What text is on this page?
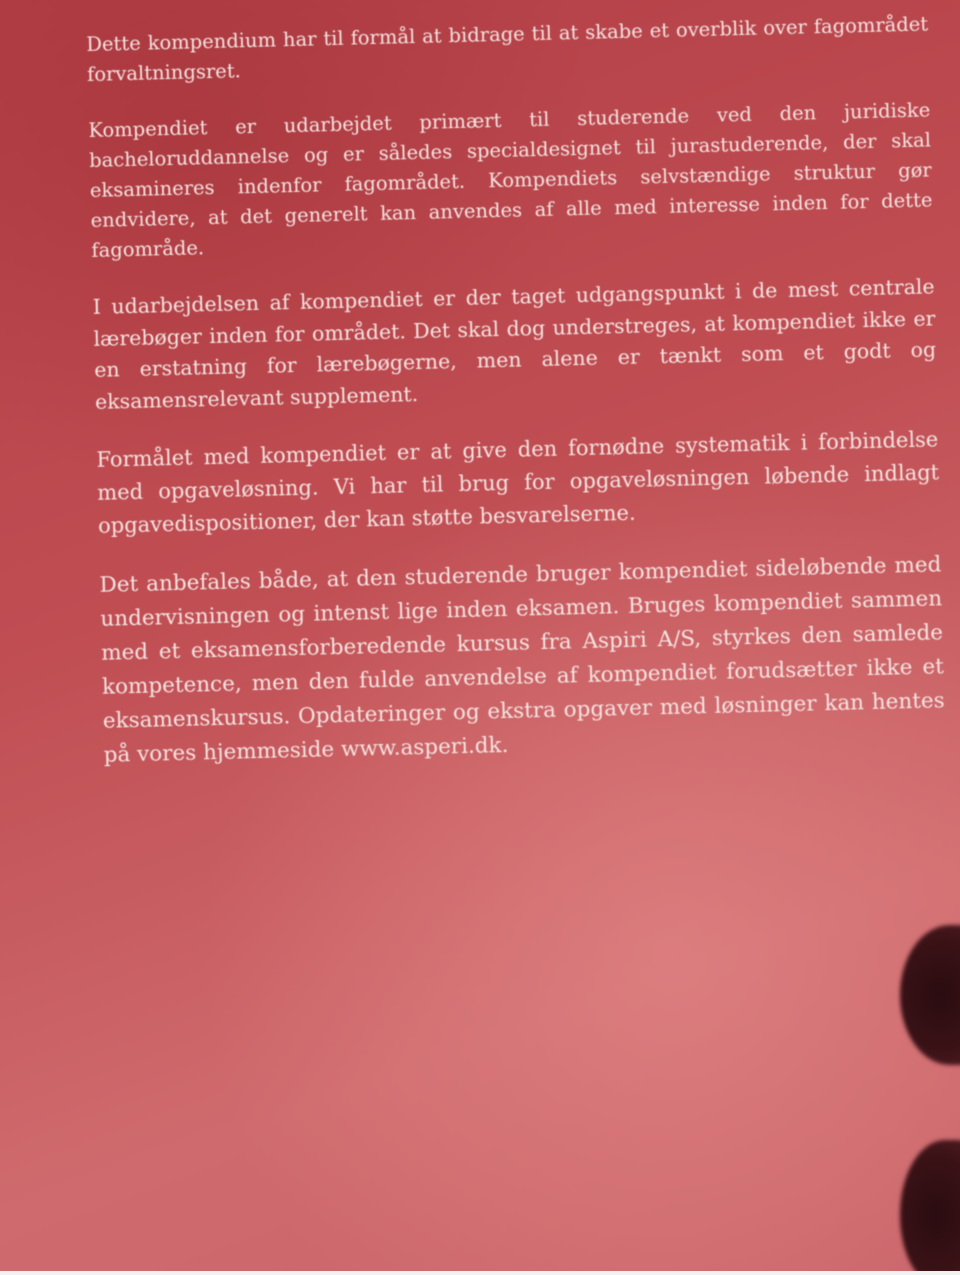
Dette kompendium har til formål at bidrage til at skabe et overblik over fagområdet forvaltningsret.

Kompendiet er udarbejdet primært til studerende ved den juridiske bacheloruddannelse og er således specialdesignet til jurastuderende, der skal eksamineres indenfor fagområdet. Kompendiets selvstændige struktur gør endvidere, at det generelt kan anvendes af alle med interesse inden for dette fagområde.

I udarbejdelsen af kompendiet er der taget udgangspunkt i de mest centrale lærebøger inden for området. Det skal dog understreges, at kompendiet ikke er en erstatning for lærebøgerne, men alene er tænkt som et godt og eksamensrelevant supplement.

Formålet med kompendiet er at give den fornødne systematik i forbindelse med opgaveløsning. Vi har til brug for opgaveløsningen løbende indlagt opgavedispositioner, der kan støtte besvarelserne.

Det anbefales både, at den studerende bruger kompendiet sideløbende med undervisningen og intenst lige inden eksamen. Bruges kompendiet sammen med et eksamensforberedende kursus fra Aspiri A/S, styrkes den samlede kompetence, men den fulde anvendelse af kompendiet forudsætter ikke et eksamenskursus. Opdateringer og ekstra opgaver med løsninger kan hentes på vores hjemmeside www.asperi.dk.
